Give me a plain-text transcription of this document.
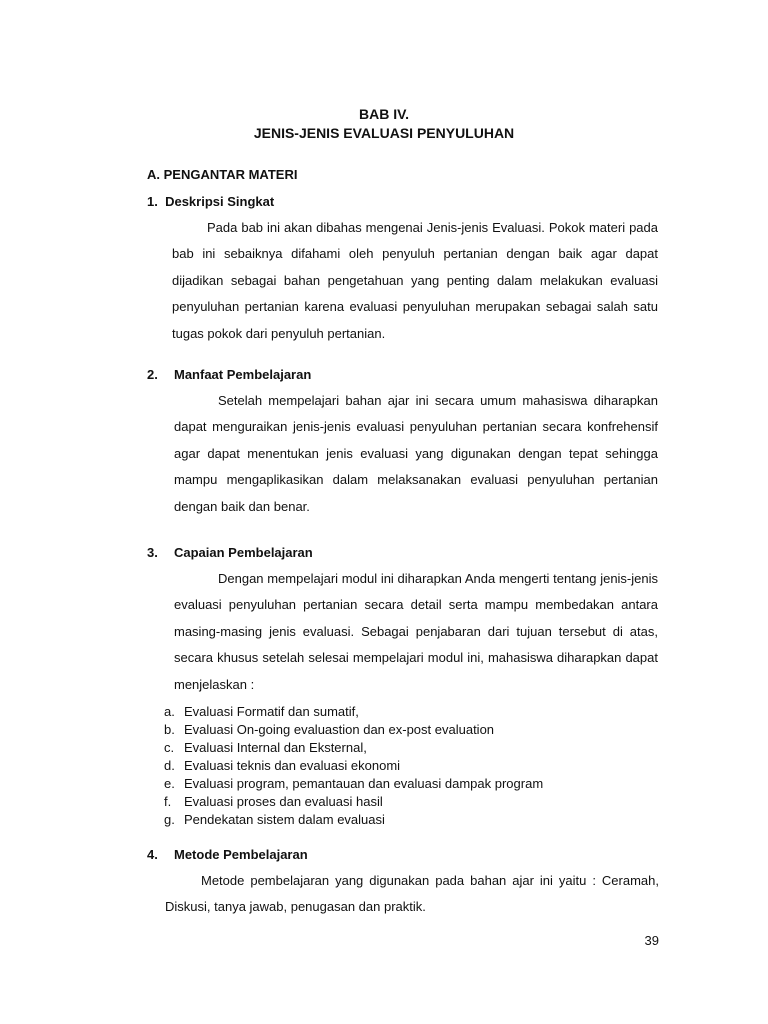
BAB IV.
JENIS-JENIS EVALUASI PENYULUHAN
A. PENGANTAR MATERI
1. Deskripsi Singkat
Pada bab ini akan dibahas mengenai Jenis-jenis Evaluasi. Pokok materi pada bab ini sebaiknya difahami oleh penyuluh pertanian dengan baik agar dapat dijadikan sebagai bahan pengetahuan yang penting dalam melakukan evaluasi penyuluhan pertanian karena evaluasi penyuluhan merupakan sebagai salah satu tugas pokok dari penyuluh pertanian.
2. Manfaat Pembelajaran
Setelah mempelajari bahan ajar ini secara umum mahasiswa diharapkan dapat menguraikan jenis-jenis evaluasi penyuluhan pertanian secara konfrehensif agar dapat menentukan jenis evaluasi yang digunakan dengan tepat sehingga mampu mengaplikasikan dalam melaksanakan evaluasi penyuluhan pertanian dengan baik dan benar.
3. Capaian Pembelajaran
Dengan mempelajari modul ini diharapkan Anda mengerti tentang jenis-jenis evaluasi penyuluhan pertanian secara detail serta mampu membedakan antara masing-masing jenis evaluasi. Sebagai penjabaran dari tujuan tersebut di atas, secara khusus setelah selesai mempelajari modul ini, mahasiswa diharapkan dapat menjelaskan :
a. Evaluasi Formatif dan sumatif,
b. Evaluasi On-going evaluastion dan ex-post evaluation
c. Evaluasi Internal dan Eksternal,
d. Evaluasi teknis dan evaluasi ekonomi
e. Evaluasi program, pemantauan dan evaluasi dampak program
f. Evaluasi proses dan evaluasi hasil
g. Pendekatan sistem dalam evaluasi
4. Metode Pembelajaran
Metode pembelajaran yang digunakan pada bahan ajar ini yaitu : Ceramah, Diskusi, tanya jawab, penugasan dan praktik.
39
